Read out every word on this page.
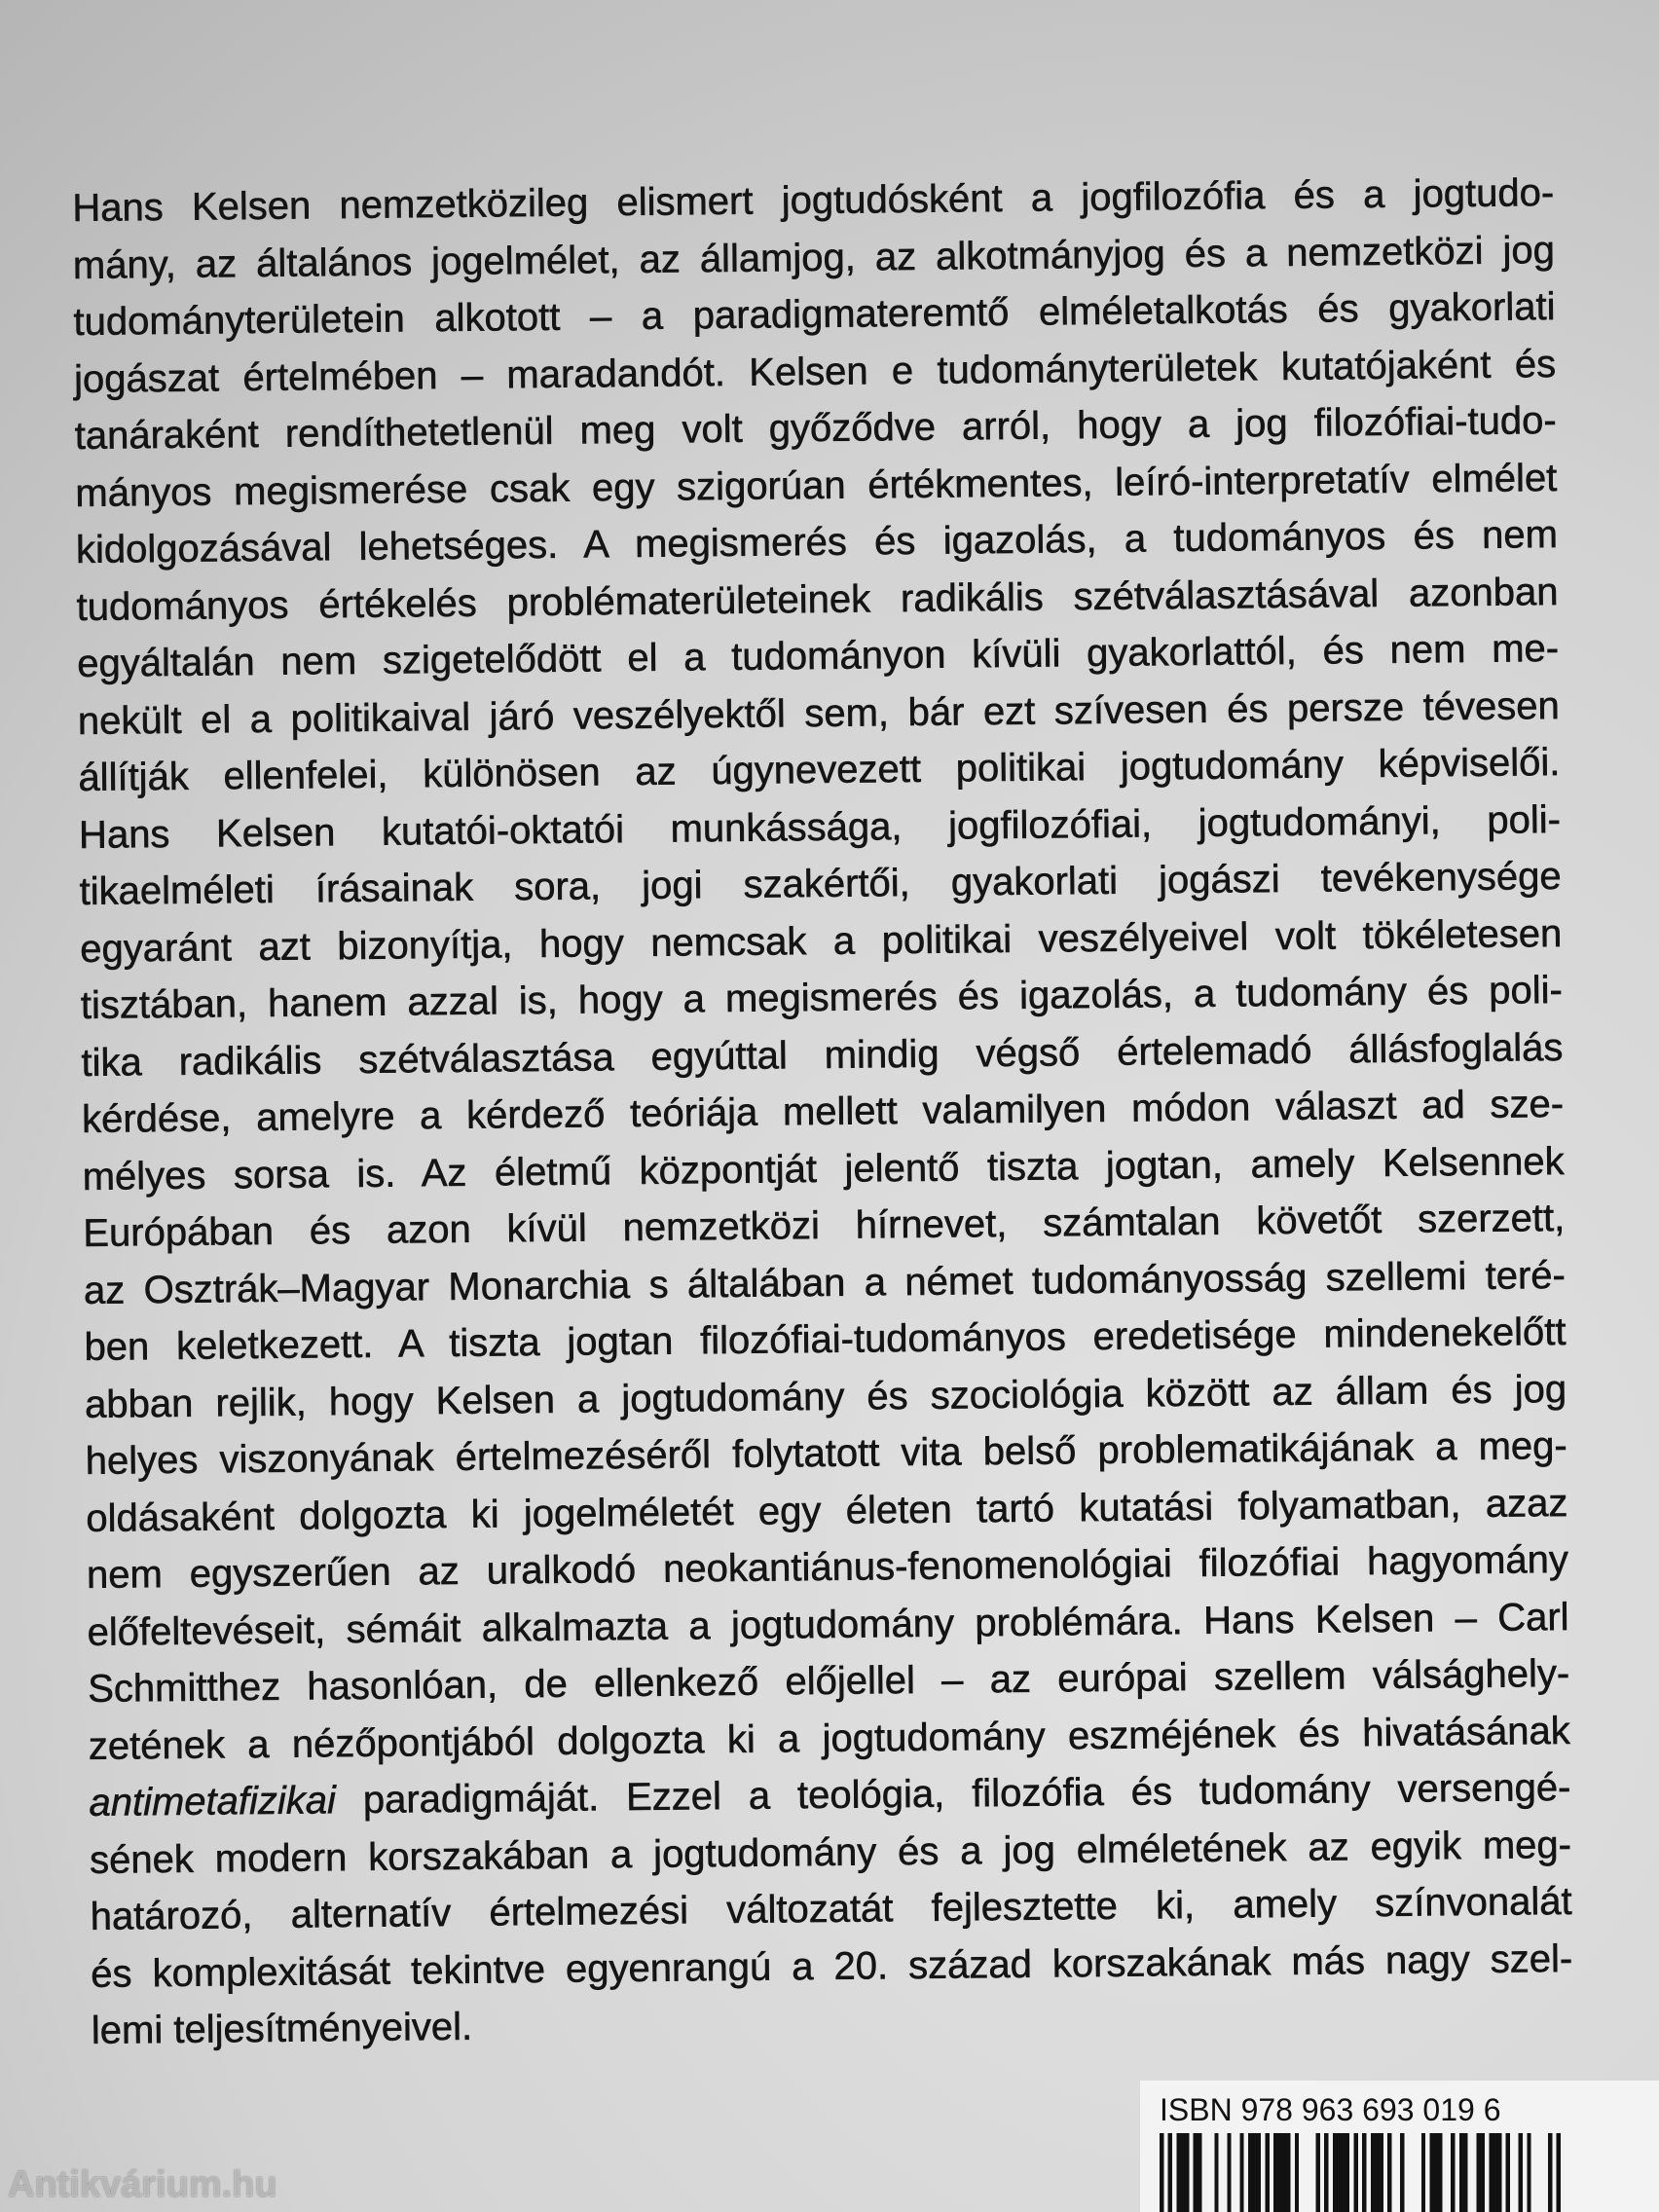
Hans Kelsen nemzetközileg elismert jogtudósként a jogfilozófia és a jogtudo-
mány, az általános jogelmélet, az államjog, az alkotmányjog és a nemzetközi jog
tudományterületein alkotott – a paradigmateremtő elméletalkotás és gyakorlati
jogászat értelmében – maradandót. Kelsen e tudományterületek kutatójaként és
tanáraként rendíthetetlenül meg volt győződve arról, hogy a jog filozófiai-tudo-
mányos megismerése csak egy szigorúan értékmentes, leíró-interpretatív elmélet
kidolgozásával lehetséges. A megismerés és igazolás, a tudományos és nem
tudományos értékelés problématerületeinek radikális szétválasztásával azonban
egyáltalán nem szigetelődött el a tudományon kívüli gyakorlattól, és nem me-
nekült el a politikaival járó veszélyektől sem, bár ezt szívesen és persze tévesen
állítják ellenfelei, különösen az úgynevezett politikai jogtudomány képviselői.
Hans Kelsen kutatói-oktatói munkássága, jogfilozófiai, jogtudományi, poli-
tikaelméleti írásainak sora, jogi szakértői, gyakorlati jogászi tevékenysége
egyaránt azt bizonyítja, hogy nemcsak a politikai veszélyeivel volt tökéletesen
tisztában, hanem azzal is, hogy a megismerés és igazolás, a tudomány és poli-
tika radikális szétválasztása egyúttal mindig végső értelemadó állásfoglalás
kérdése, amelyre a kérdező teóriája mellett valamilyen módon választ ad sze-
mélyes sorsa is. Az életmű központját jelentő tiszta jogtan, amely Kelsennek
Európában és azon kívül nemzetközi hírnevet, számtalan követőt szerzett,
az Osztrák–Magyar Monarchia s általában a német tudományosság szellemi teré-
ben keletkezett. A tiszta jogtan filozófiai-tudományos eredetisége mindenekelőtt
abban rejlik, hogy Kelsen a jogtudomány és szociológia között az állam és jog
helyes viszonyának értelmezéséről folytatott vita belső problematikájának a meg-
oldásaként dolgozta ki jogelméletét egy életen tartó kutatási folyamatban, azaz
nem egyszerűen az uralkodó neokantiánus-fenomenológiai filozófiai hagyomány
előfeltevéseit, sémáit alkalmazta a jogtudomány problémára. Hans Kelsen – Carl
Schmitthez hasonlóan, de ellenkező előjellel – az európai szellem válsághely-
zetének a nézőpontjából dolgozta ki a jogtudomány eszméjének és hivatásának
antimetafizikai paradigmáját. Ezzel a teológia, filozófia és tudomány versengé-
sének modern korszakában a jogtudomány és a jog elméletének az egyik meg-
határozó, alternatív értelmezési változatát fejlesztette ki, amely színvonalát
és komplexitását tekintve egyenrangú a 20. század korszakának más nagy szel-
lemi teljesítményeivel.
ISBN 978 963 693 019 6
Antikvárium.hu
